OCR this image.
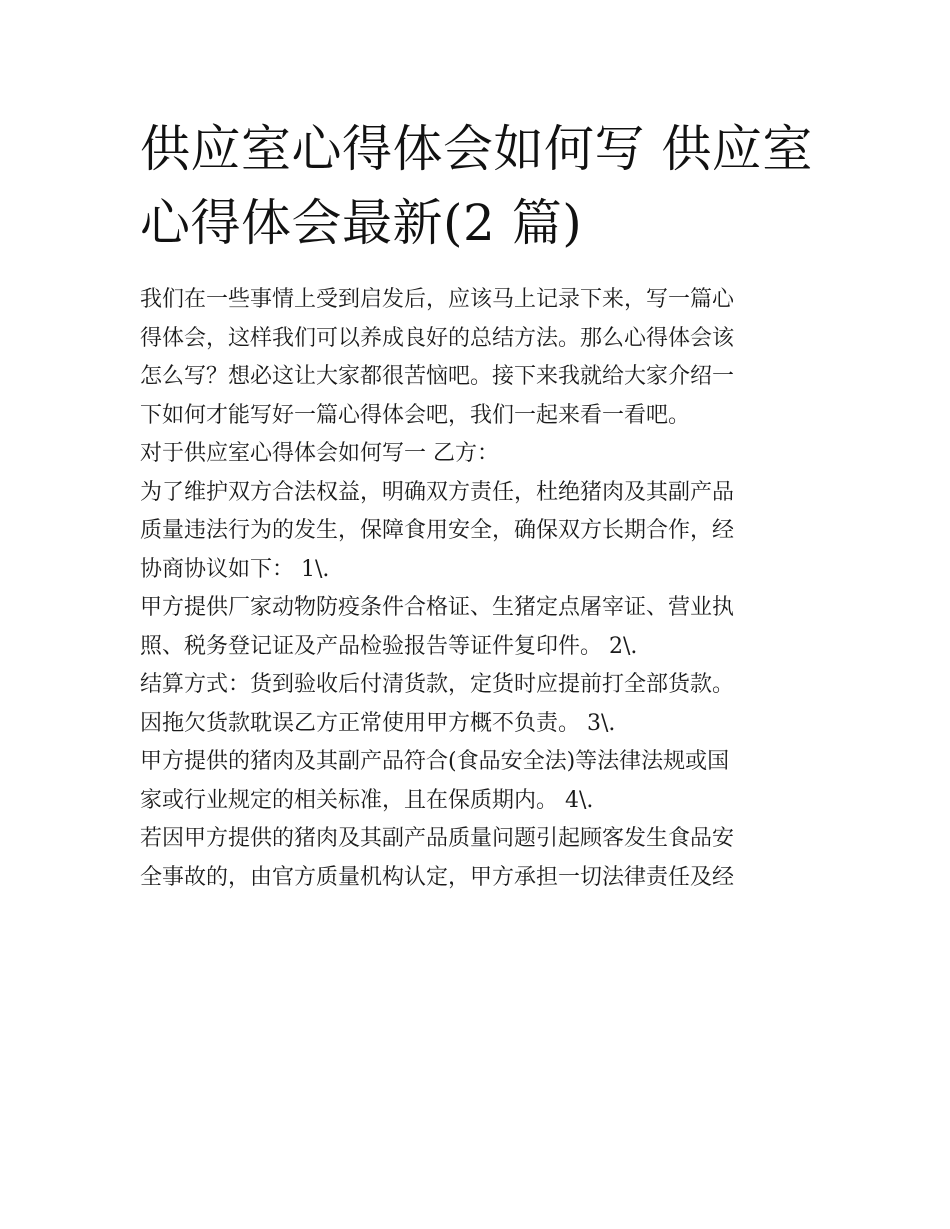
供应室心得体会如何写 供应室
心得体会最新(2 篇)
我们在一些事情上受到启发后，应该马上记录下来，写一篇心
得体会，这样我们可以养成良好的总结方法。那么心得体会该
怎么写？想必这让大家都很苦恼吧。接下来我就给大家介绍一
下如何才能写好一篇心得体会吧，我们一起来看一看吧。
对于供应室心得体会如何写一 乙方：
为了维护双方合法权益，明确双方责任，杜绝猪肉及其副产品
质量违法行为的发生，保障食用安全，确保双方长期合作，经
协商协议如下： 1\.
甲方提供厂家动物防疫条件合格证、生猪定点屠宰证、营业执
照、税务登记证及产品检验报告等证件复印件。 2\.
结算方式：货到验收后付清货款，定货时应提前打全部货款。
因拖欠货款耽误乙方正常使用甲方概不负责。 3\.
甲方提供的猪肉及其副产品符合(食品安全法)等法律法规或国
家或行业规定的相关标准，且在保质期内。 4\.
若因甲方提供的猪肉及其副产品质量问题引起顾客发生食品安
全事故的，由官方质量机构认定，甲方承担一切法律责任及经
